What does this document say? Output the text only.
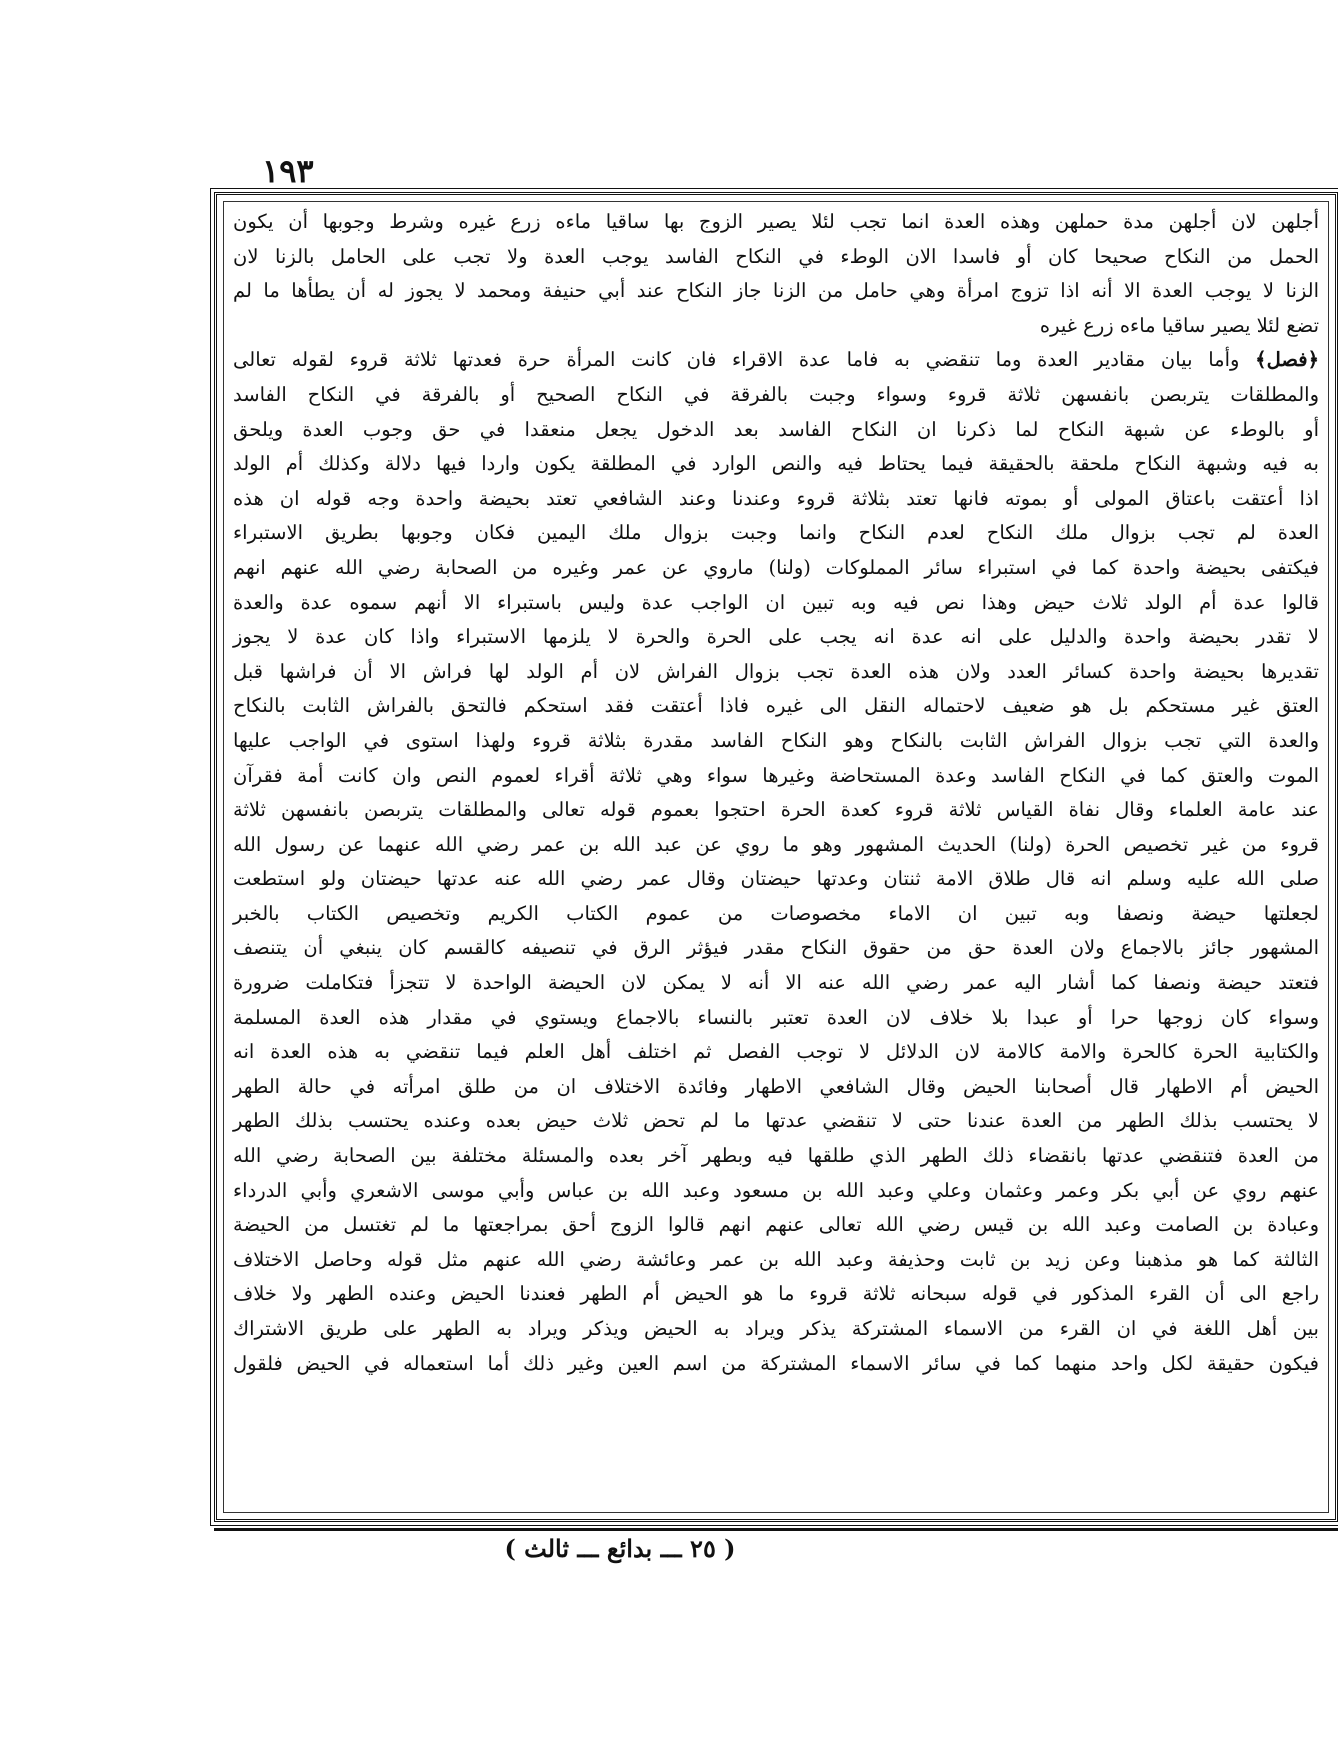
١٩٣
أجلهن لان أجلهن مدة حملهن وهذه العدة انما تجب لئلا يصير الزوج بها ساقيا ماءه زرع غيره وشرط وجوبها أن يكون
الحمل من النكاح صحيحا كان أو فاسدا الان الوطء في النكاح الفاسد يوجب العدة ولا تجب على الحامل بالزنا لان
الزنا لا يوجب العدة الا أنه اذا تزوج امرأة وهي حامل من الزنا جاز النكاح عند أبي حنيفة ومحمد لا يجوز له أن يطأها ما لم
تضع لئلا يصير ساقيا ماءه زرع غيره
﴿فصل﴾ وأما بيان مقادير العدة وما تنقضي به فاما عدة الاقراء فان كانت المرأة حرة فعدتها ثلاثة قروء لقوله تعالى
والمطلقات يتربصن بانفسهن ثلاثة قروء وسواء وجبت بالفرقة في النكاح الصحيح أو بالفرقة في النكاح الفاسد
أو بالوطء عن شبهة النكاح لما ذكرنا ان النكاح الفاسد بعد الدخول يجعل منعقدا في حق وجوب العدة ويلحق
به فيه وشبهة النكاح ملحقة بالحقيقة فيما يحتاط فيه والنص الوارد في المطلقة يكون واردا فيها دلالة وكذلك أم الولد
اذا أعتقت باعتاق المولى أو بموته فانها تعتد بثلاثة قروء وعندنا وعند الشافعي تعتد بحيضة واحدة وجه قوله ان هذه
العدة لم تجب بزوال ملك النكاح لعدم النكاح وانما وجبت بزوال ملك اليمين فكان وجوبها بطريق الاستبراء
فيكتفى بحيضة واحدة كما في استبراء سائر المملوكات (ولنا) ماروي عن عمر وغيره من الصحابة رضي الله عنهم انهم
قالوا عدة أم الولد ثلاث حيض وهذا نص فيه وبه تبين ان الواجب عدة وليس باستبراء الا أنهم سموه عدة والعدة
لا تقدر بحيضة واحدة والدليل على انه عدة انه يجب على الحرة والحرة لا يلزمها الاستبراء واذا كان عدة لا يجوز
تقديرها بحيضة واحدة كسائر العدد ولان هذه العدة تجب بزوال الفراش لان أم الولد لها فراش الا أن فراشها قبل
العتق غير مستحكم بل هو ضعيف لاحتماله النقل الى غيره فاذا أعتقت فقد استحكم فالتحق بالفراش الثابت بالنكاح
والعدة التي تجب بزوال الفراش الثابت بالنكاح وهو النكاح الفاسد مقدرة بثلاثة قروء ولهذا استوى في الواجب عليها
الموت والعتق كما في النكاح الفاسد وعدة المستحاضة وغيرها سواء وهي ثلاثة أقراء لعموم النص وان كانت أمة فقرآن
عند عامة العلماء وقال نفاة القياس ثلاثة قروء كعدة الحرة احتجوا بعموم قوله تعالى والمطلقات يتربصن بانفسهن ثلاثة
قروء من غير تخصيص الحرة (ولنا) الحديث المشهور وهو ما روي عن عبد الله بن عمر رضي الله عنهما عن رسول الله
صلى الله عليه وسلم انه قال طلاق الامة ثنتان وعدتها حيضتان وقال عمر رضي الله عنه عدتها حيضتان ولو استطعت
لجعلتها حيضة ونصفا وبه تبين ان الاماء مخصوصات من عموم الكتاب الكريم وتخصيص الكتاب بالخبر
المشهور جائز بالاجماع ولان العدة حق من حقوق النكاح مقدر فيؤثر الرق في تنصيفه كالقسم كان ينبغي أن يتنصف
فتعتد حيضة ونصفا كما أشار اليه عمر رضي الله عنه الا أنه لا يمكن لان الحيضة الواحدة لا تتجزأ فتكاملت ضرورة
وسواء كان زوجها حرا أو عبدا بلا خلاف لان العدة تعتبر بالنساء بالاجماع ويستوي في مقدار هذه العدة المسلمة
والكتابية الحرة كالحرة والامة كالامة لان الدلائل لا توجب الفصل ثم اختلف أهل العلم فيما تنقضي به هذه العدة انه
الحيض أم الاطهار قال أصحابنا الحيض وقال الشافعي الاطهار وفائدة الاختلاف ان من طلق امرأته في حالة الطهر
لا يحتسب بذلك الطهر من العدة عندنا حتى لا تنقضي عدتها ما لم تحض ثلاث حيض بعده وعنده يحتسب بذلك الطهر
من العدة فتنقضي عدتها بانقضاء ذلك الطهر الذي طلقها فيه وبطهر آخر بعده والمسئلة مختلفة بين الصحابة رضي الله
عنهم روي عن أبي بكر وعمر وعثمان وعلي وعبد الله بن مسعود وعبد الله بن عباس وأبي موسى الاشعري وأبي الدرداء
وعبادة بن الصامت وعبد الله بن قيس رضي الله تعالى عنهم انهم قالوا الزوج أحق بمراجعتها ما لم تغتسل من الحيضة
الثالثة كما هو مذهبنا وعن زيد بن ثابت وحذيفة وعبد الله بن عمر وعائشة رضي الله عنهم مثل قوله وحاصل الاختلاف
راجع الى أن القرء المذكور في قوله سبحانه ثلاثة قروء ما هو الحيض أم الطهر فعندنا الحيض وعنده الطهر ولا خلاف
بين أهل اللغة في ان القرء من الاسماء المشتركة يذكر ويراد به الحيض ويذكر ويراد به الطهر على طريق الاشتراك
فيكون حقيقة لكل واحد منهما كما في سائر الاسماء المشتركة من اسم العين وغير ذلك أما استعماله في الحيض فلقول
( ٢٥ ـــ بدائع ـــ ثالث )
